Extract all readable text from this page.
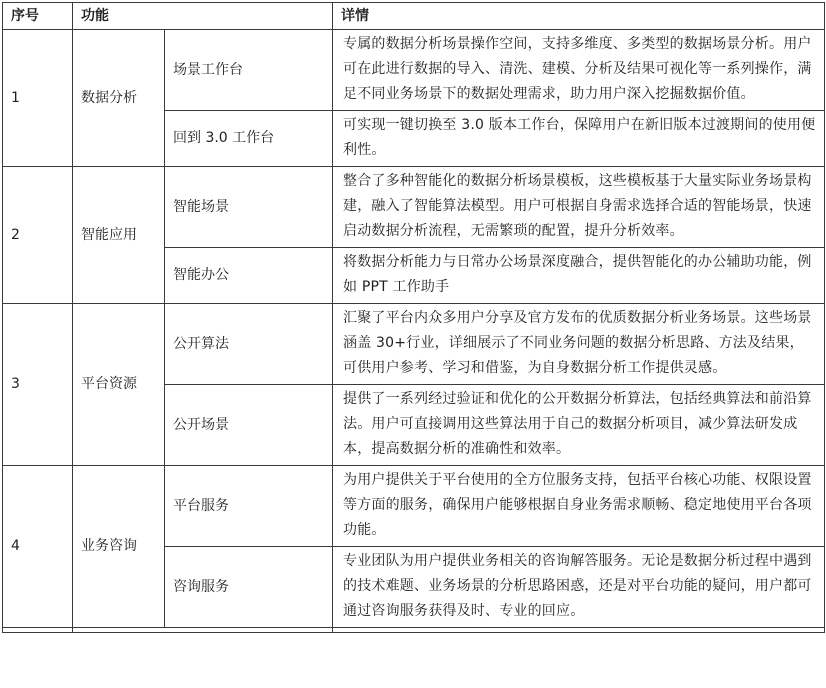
序号	功能		详情
1	数据分析	场景工作台	专属的数据分析场景操作空间，支持多维度、多类型的数据场景分析。用户可在此进行数据的导入、清洗、建模、分析及结果可视化等一系列操作，满足不同业务场景下的数据处理需求，助力用户深入挖掘数据价值。
		回到 3.0 工作台	可实现一键切换至 3.0 版本工作台，保障用户在新旧版本过渡期间的使用便利性。
2	智能应用	智能场景	整合了多种智能化的数据分析场景模板，这些模板基于大量实际业务场景构建，融入了智能算法模型。用户可根据自身需求选择合适的智能场景，快速启动数据分析流程，无需繁琐的配置，提升分析效率。
		智能办公	将数据分析能力与日常办公场景深度融合，提供智能化的办公辅助功能，例如 PPT 工作助手
3	平台资源	公开算法	汇聚了平台内众多用户分享及官方发布的优质数据分析业务场景。这些场景涵盖 30+行业，详细展示了不同业务问题的数据分析思路、方法及结果，可供用户参考、学习和借鉴，为自身数据分析工作提供灵感。
		公开场景	提供了一系列经过验证和优化的公开数据分析算法，包括经典算法和前沿算法。用户可直接调用这些算法用于自己的数据分析项目，减少算法研发成本，提高数据分析的准确性和效率。
4	业务咨询	平台服务	为用户提供关于平台使用的全方位服务支持，包括平台核心功能、权限设置等方面的服务，确保用户能够根据自身业务需求顺畅、稳定地使用平台各项功能。
		咨询服务	专业团队为用户提供业务相关的咨询解答服务。无论是数据分析过程中遇到的技术难题、业务场景的分析思路困惑，还是对平台功能的疑问，用户都可通过咨询服务获得及时、专业的回应。
